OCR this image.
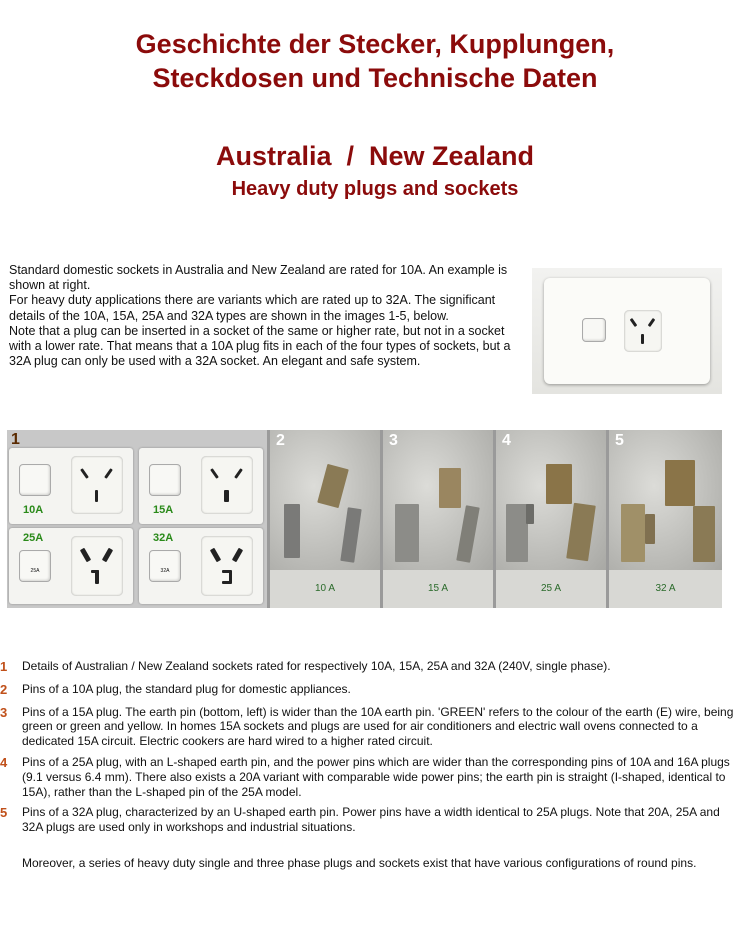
Geschichte der Stecker, Kupplungen,
Steckdosen und Technische Daten
Australia  /  New Zealand
Heavy duty plugs and sockets

Standard domestic sockets in Australia and New Zealand are rated for 10A. An example is shown at right.

For heavy duty applications there are variants which are rated up to 32A. The significant details of the 10A, 15A, 25A and 32A types are shown in the images 1-5, below.

Note that a plug can be inserted in a socket of the same or higher rate, but not in a socket with a lower rate. That means that a 10A plug fits in each of the four types of sockets, but a 32A plug can only be used with a 32A socket. An elegant and safe system.

1
10A	15A
25A
25A
32A
32A
2
10 A
3
15 A
4
25 A
5
32 A
1 Details of Australian / New Zealand sockets rated for respectively 10A, 15A, 25A and 32A (240V, single phase).
2 Pins of a 10A plug, the standard plug for domestic appliances.
3 Pins of a 15A plug. The earth pin (bottom, left) is wider than the 10A earth pin. 'GREEN' refers to the colour of the earth (E) wire, being green or green and yellow. In homes 15A sockets and plugs are used for air conditioners and electric wall ovens connected to a dedicated 15A circuit. Electric cookers are hard wired to a higher rated circuit.
4 Pins of a 25A plug, with an L-shaped earth pin, and the power pins which are wider than the corresponding pins of 10A and 16A plugs (9.1 versus 6.4 mm). There also exists a 20A variant with comparable wide power pins; the earth pin is straight (I-shaped, identical to 15A), rather than the L-shaped pin of the 25A model.
5 Pins of a 32A plug, characterized by an U-shaped earth pin. Power pins have a width identical to 25A plugs. Note that 20A, 25A and 32A plugs are used only in workshops and industrial situations.
Moreover, a series of heavy duty single and three phase plugs and sockets exist that have various configurations of round pins.
